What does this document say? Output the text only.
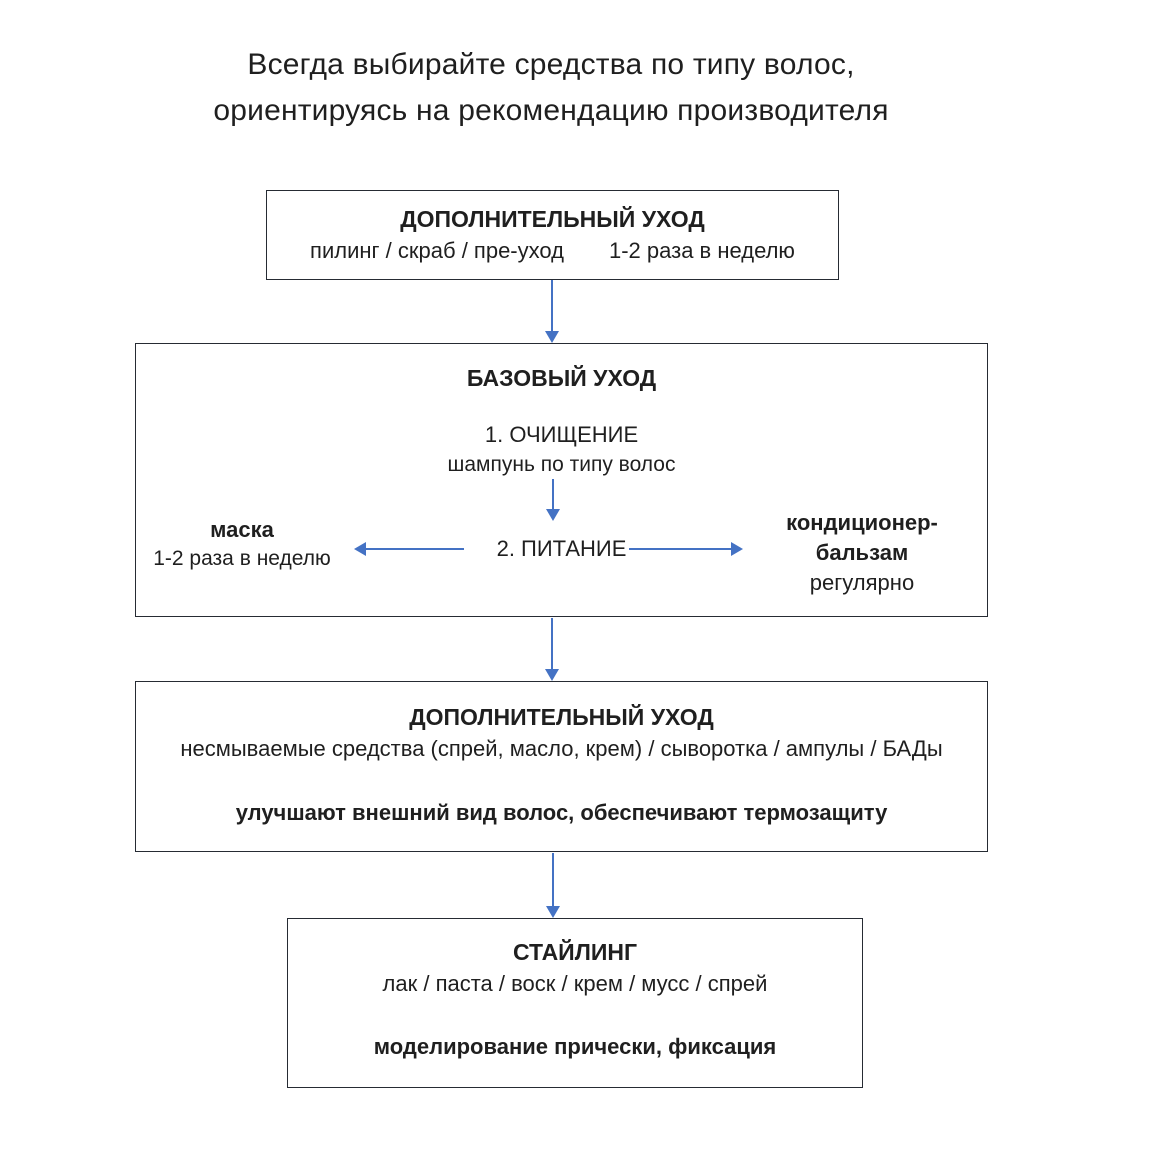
Всегда выбирайте средства по типу волос,
ориентируясь на рекомендацию производителя
ДОПОЛНИТЕЛЬНЫЙ УХОД
пилинг / скраб / пре-уход 1-2 раза в неделю
БАЗОВЫЙ УХОД
1. ОЧИЩЕНИЕ
шампунь по типу волос
маска
1-2 раза в неделю	2. ПИТАНИЕ
кондиционер-
бальзам
регулярно
ДОПОЛНИТЕЛЬНЫЙ УХОД
несмываемые средства (спрей, масло, крем) / сыворотка / ампулы / БАДы
улучшают внешний вид волос, обеспечивают термозащиту
СТАЙЛИНГ
лак / паста / воск / крем / мусс / спрей
моделирование прически, фиксация
